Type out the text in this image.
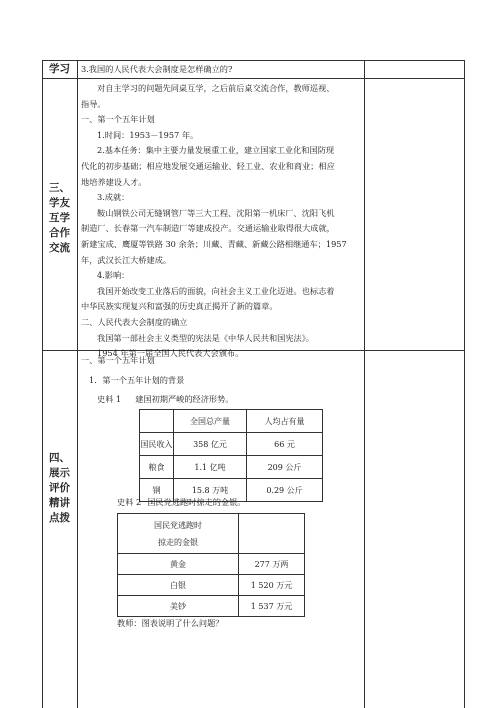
学习	3.我国的人民代表大会制度是怎样确立的?
三、
学友
互学
合作
交流
对自主学习的问题先同桌互学，之后前后桌交流合作，教师巡视、
指导。
一、第一个五年计划
1.时间：1953－1957 年。
2.基本任务：集中主要力量发展重工业，建立国家工业化和国防现
代化的初步基础；相应地发展交通运输业、轻工业、农业和商业；相应
地培养建设人才。
3.成就：
鞍山钢铁公司无缝钢管厂等三大工程、沈阳第一机床厂、沈阳飞机
制造厂、长春第一汽车制造厂等建成投产。交通运输业取得很大成就，
新建宝成、鹰厦等铁路 30 余条；川藏、青藏、新藏公路相继通车；1957
年，武汉长江大桥建成。
4.影响：
我国开始改变工业落后的面貌，向社会主义工业化迈进。也标志着
中华民族实现复兴和富强的历史真正揭开了新的篇章。
二、人民代表大会制度的确立
我国第一部社会主义类型的宪法是《中华人民共和国宪法》。
1954 年第一届全国人民代表大会颁布。
四、
展示
评价
精讲
点拨
一、第一个五年计划
1．第一个五年计划的背景
史料 1 建国初期严峻的经济形势。
	全国总产量	人均占有量
国民收入	358 亿元	66 元
粮食	1.1 亿吨	209 公斤
钢	15.8 万吨	0.29 公斤
史料 2 国民党逃跑时掠走的金银。
国民党逃跑时
掠走的金银	

黄金	277 万两
白银	1 520 万元
美钞	1 537 万元
教师：图表说明了什么问题？
